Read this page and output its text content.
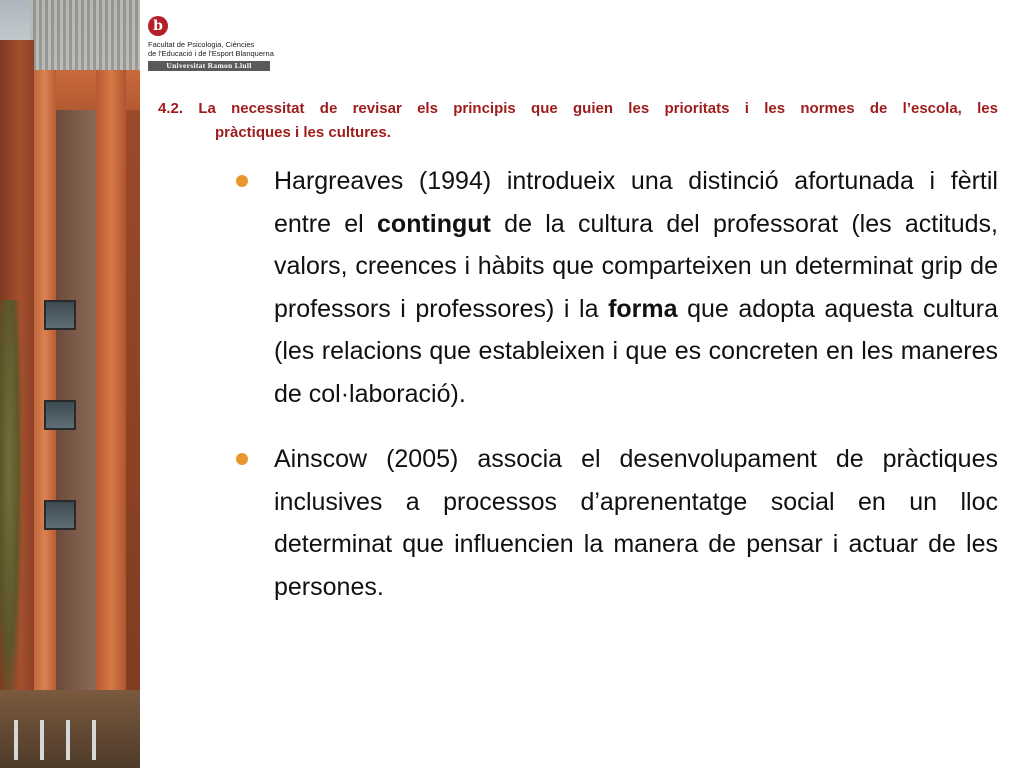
b
Facultat de Psicologia, Ciències
de l'Educació i de l'Esport Blanquerna
Universitat Ramon Llull
4.2. La necessitat de revisar els principis que guien les prioritats i les normes de l’escola, les
pràctiques i les cultures.
Hargreaves (1994) introdueix una distinció afortunada i fèrtil entre el contingut de la cultura del professorat (les actituds, valors, creences i hàbits que comparteixen un determinat grip de professors i professores) i la forma que adopta aquesta cultura (les relacions que estableixen i que es concreten en les maneres de col·laboració).
Ainscow (2005) associa el desenvolupament de pràctiques inclusives a processos d’aprenentatge social en un lloc determinat que influencien la manera de pensar i actuar de les persones.
